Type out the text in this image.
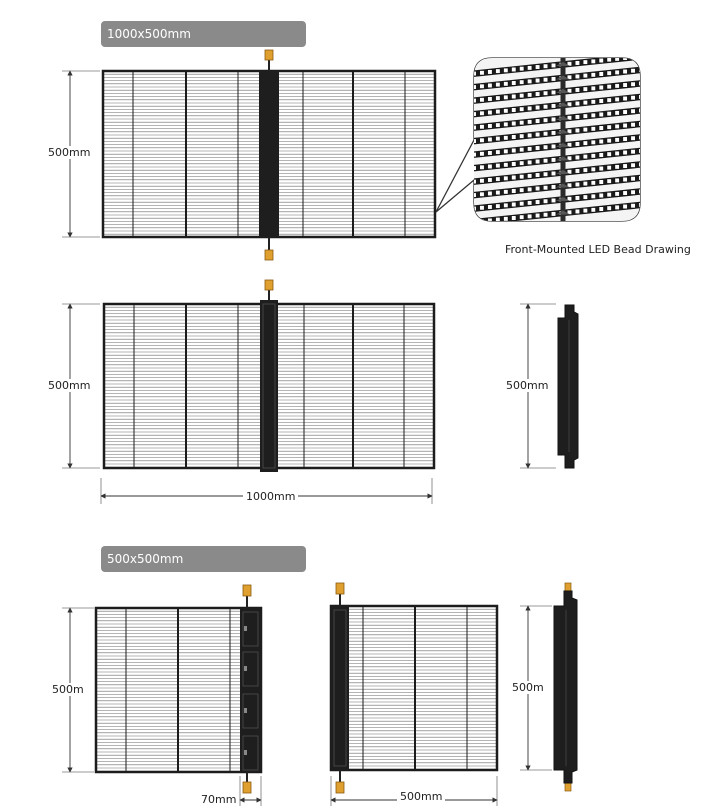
1000x500mm
500x500mm
500mm
Front-Mounted LED Bead Drawing
500mm
1000mm
500mm
500m	500m
70mm	500mm
